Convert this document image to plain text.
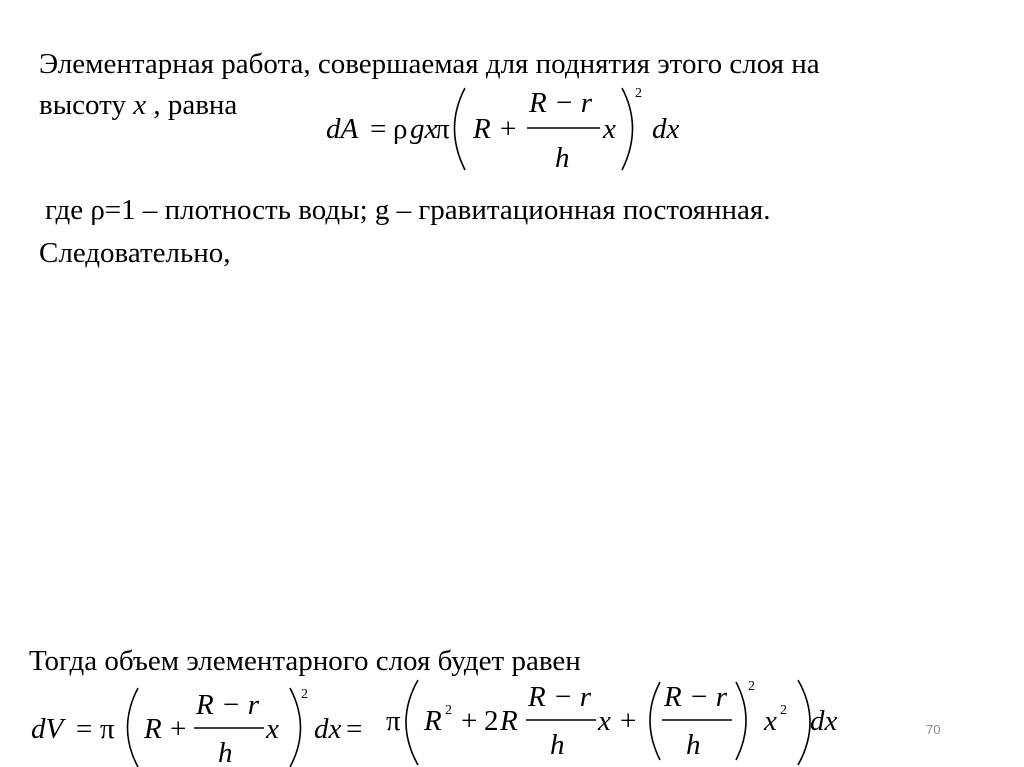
Элементарная работа, совершаемая для поднятия этого слоя на
высоту x , равна
dA = ρ gx
π R +
R − r
h
x
2
dx
где ρ=1 – плотность воды; g – гравитационная постоянная.
Следовательно,
Тогда объем элементарного слоя будет равен
dV = π R +
R − r
h
x
2
dx = π R 2 + 2 R
R − r
h
x +
R − r
h
2
x 2 dx	70
